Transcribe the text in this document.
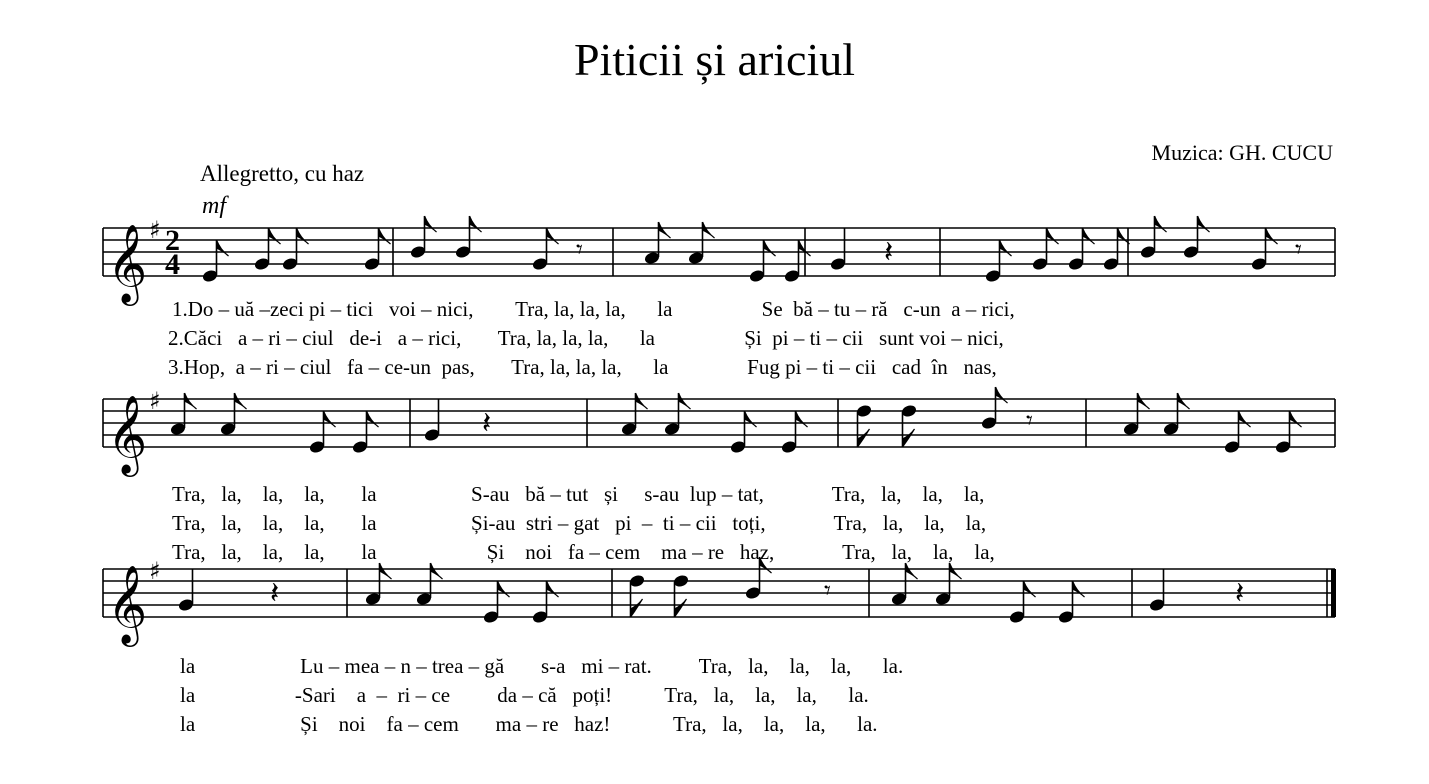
Piticii și ariciul
Muzica: GH. CUCU
Allegretto, cu haz
mf
𝄞 ♯ 2
4	𝄾	𝄽	𝄾
𝄞 ♯
𝄽	𝄾
𝄞 ♯
𝄽	𝄾	𝄽
1.Do – uă –zeci pi – tici   voi – nici,        Tra, la, la, la,      la                 Se  bă – tu – ră   c-un  a – rici,
2.Căci   a – ri – ciul   de-i   a – rici,       Tra, la, la, la,      la                 Și  pi – ti – cii   sunt voi – nici,
3.Hop,  a – ri – ciul   fa – ce-un  pas,       Tra, la, la, la,      la               Fug pi – ti – cii   cad  în   nas,
Tra,   la,    la,    la,       la                  S-au   bă – tut   și     s-au  lup – tat,             Tra,   la,    la,    la,
Tra,   la,    la,    la,       la                  Și-au  stri – gat   pi  –  ti – cii   toți,             Tra,   la,    la,    la,
Tra,   la,    la,    la,       la                     Și    noi   fa – cem    ma – re   haz,             Tra,   la,    la,    la,
la                    Lu – mea – n – trea – gă       s-a   mi – rat.         Tra,   la,    la,    la,      la.
la                   -Sari    a  –  ri – ce         da – că   poți!          Tra,   la,    la,    la,      la.
la                    Și    noi    fa – cem       ma – re   haz!            Tra,   la,    la,    la,      la.
